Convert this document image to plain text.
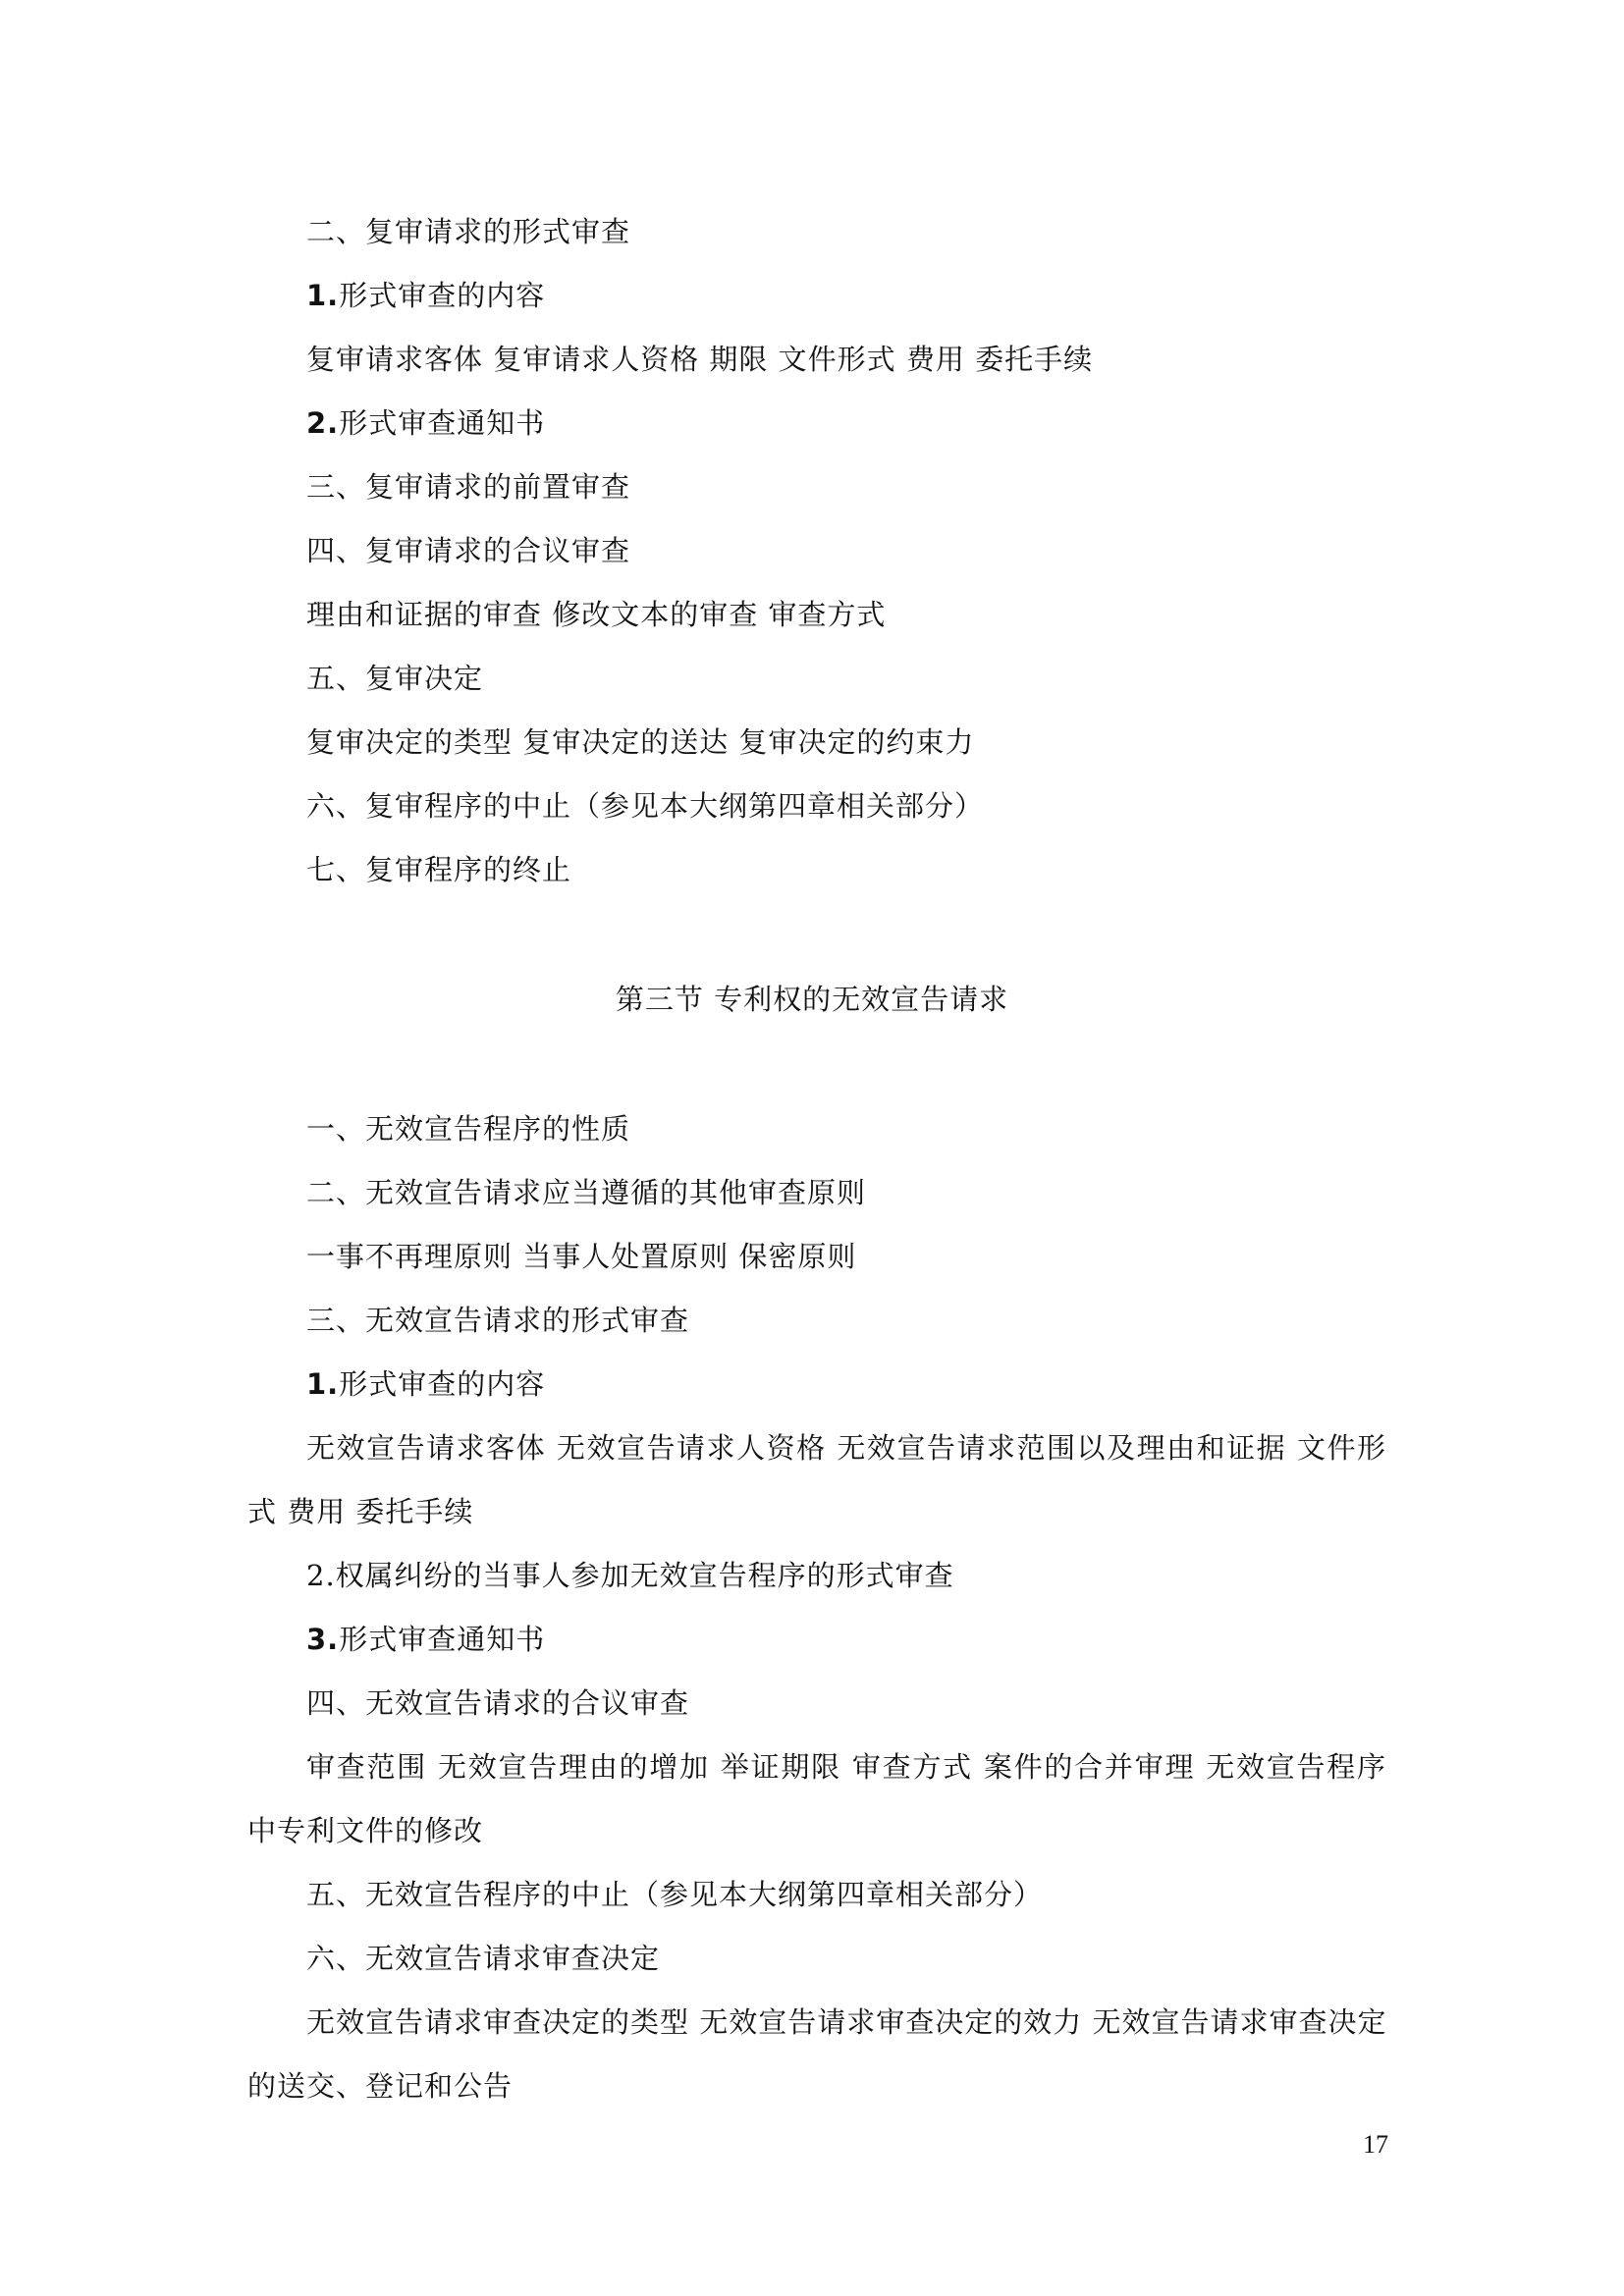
二、复审请求的形式审查
1.形式审查的内容
复审请求客体 复审请求人资格 期限 文件形式 费用 委托手续
2.形式审查通知书
三、复审请求的前置审查
四、复审请求的合议审查
理由和证据的审查 修改文本的审查 审查方式
五、复审决定
复审决定的类型 复审决定的送达 复审决定的约束力
六、复审程序的中止（参见本大纲第四章相关部分）
七、复审程序的终止
第三节 专利权的无效宣告请求
一、无效宣告程序的性质
二、无效宣告请求应当遵循的其他审查原则
一事不再理原则 当事人处置原则 保密原则
三、无效宣告请求的形式审查
1.形式审查的内容
无效宣告请求客体 无效宣告请求人资格 无效宣告请求范围以及理由和证据 文件形
式 费用 委托手续
2.权属纠纷的当事人参加无效宣告程序的形式审查
3.形式审查通知书
四、无效宣告请求的合议审查
审查范围 无效宣告理由的增加 举证期限 审查方式 案件的合并审理 无效宣告程序
中专利文件的修改
五、无效宣告程序的中止（参见本大纲第四章相关部分）
六、无效宣告请求审查决定
无效宣告请求审查决定的类型 无效宣告请求审查决定的效力 无效宣告请求审查决定
的送交、登记和公告
17
